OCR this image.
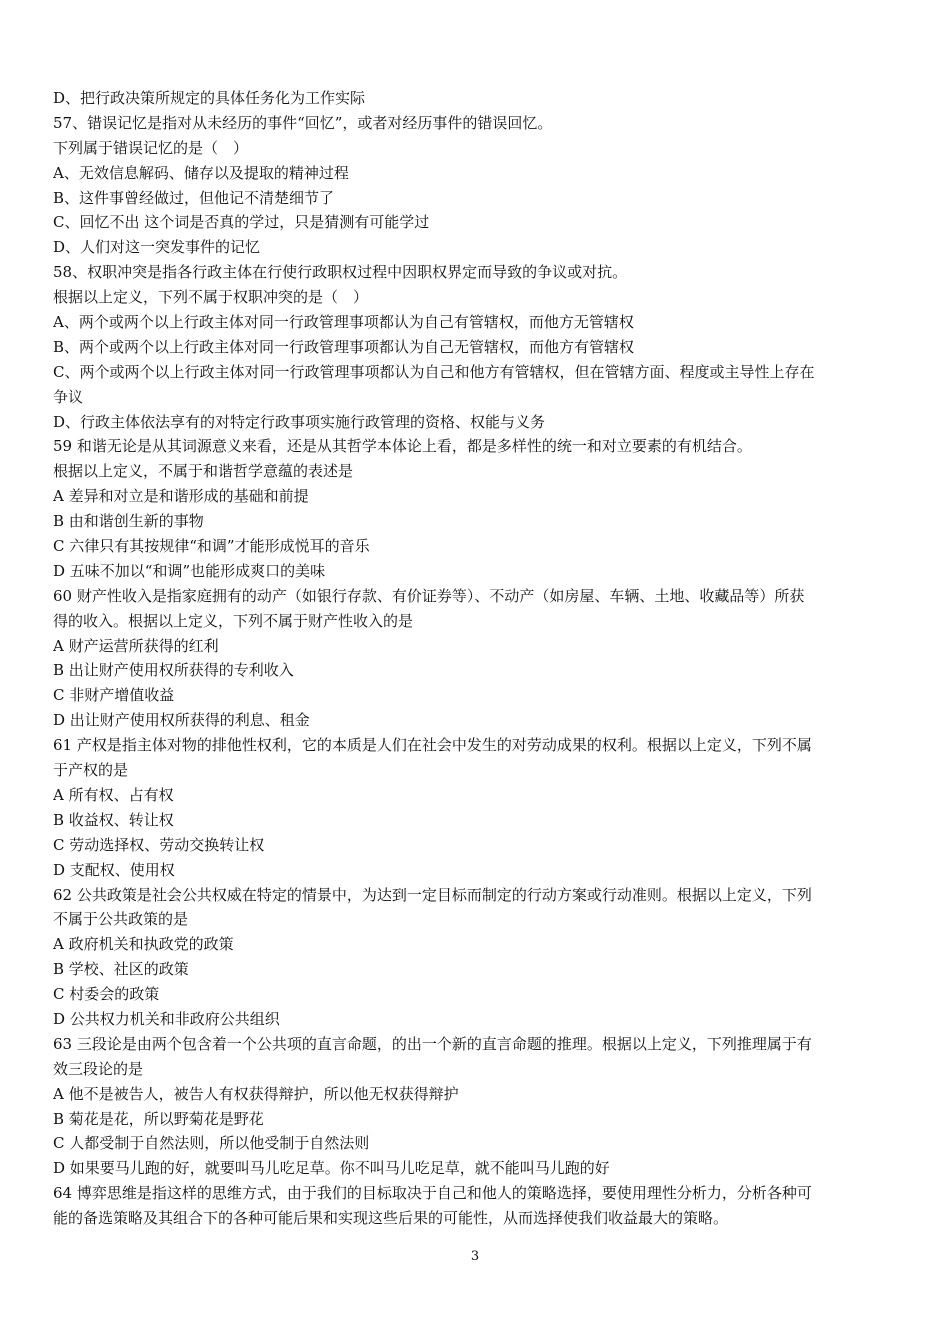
D、把行政决策所规定的具体任务化为工作实际

57、错误记忆是指对从未经历的事件“回忆”，或者对经历事件的错误回忆。

下列属于错误记忆的是（　）

A、无效信息解码、储存以及提取的精神过程

B、这件事曾经做过，但他记不清楚细节了

C、回忆不出 这个词是否真的学过，只是猜测有可能学过

D、人们对这一突发事件的记忆

58、权职冲突是指各行政主体在行使行政职权过程中因职权界定而导致的争议或对抗。

根据以上定义，下列不属于权职冲突的是（　）

A、两个或两个以上行政主体对同一行政管理事项都认为自己有管辖权，而他方无管辖权

B、两个或两个以上行政主体对同一行政管理事项都认为自己无管辖权，而他方有管辖权

C、两个或两个以上行政主体对同一行政管理事项都认为自己和他方有管辖权，但在管辖方面、程度或主导性上存在

争议

D、行政主体依法享有的对特定行政事项实施行政管理的资格、权能与义务

59 和谐无论是从其词源意义来看，还是从其哲学本体论上看，都是多样性的统一和对立要素的有机结合。

根据以上定义，不属于和谐哲学意蕴的表述是

A 差异和对立是和谐形成的基础和前提

B 由和谐创生新的事物

C 六律只有其按规律“和调”才能形成悦耳的音乐

D 五味不加以“和调”也能形成爽口的美味

60 财产性收入是指家庭拥有的动产（如银行存款、有价证券等）、不动产（如房屋、车辆、土地、收藏品等）所获

得的收入。根据以上定义，下列不属于财产性收入的是

A 财产运营所获得的红利

B 出让财产使用权所获得的专利收入

C 非财产增值收益

D 出让财产使用权所获得的利息、租金

61 产权是指主体对物的排他性权利，它的本质是人们在社会中发生的对劳动成果的权利。根据以上定义，下列不属

于产权的是

A 所有权、占有权

B 收益权、转让权

C 劳动选择权、劳动交换转让权

D 支配权、使用权

62 公共政策是社会公共权威在特定的情景中，为达到一定目标而制定的行动方案或行动准则。根据以上定义，下列

不属于公共政策的是

A 政府机关和执政党的政策

B 学校、社区的政策

C 村委会的政策

D 公共权力机关和非政府公共组织

63 三段论是由两个包含着一个公共项的直言命题，的出一个新的直言命题的推理。根据以上定义，下列推理属于有

效三段论的是

A 他不是被告人，被告人有权获得辩护，所以他无权获得辩护

B 菊花是花，所以野菊花是野花

C 人都受制于自然法则，所以他受制于自然法则

D 如果要马儿跑的好，就要叫马儿吃足草。你不叫马儿吃足草，就不能叫马儿跑的好

64 博弈思维是指这样的思维方式，由于我们的目标取决于自己和他人的策略选择，要使用理性分析力，分析各种可

能的备选策略及其组合下的各种可能后果和实现这些后果的可能性，从而选择使我们收益最大的策略。

3
